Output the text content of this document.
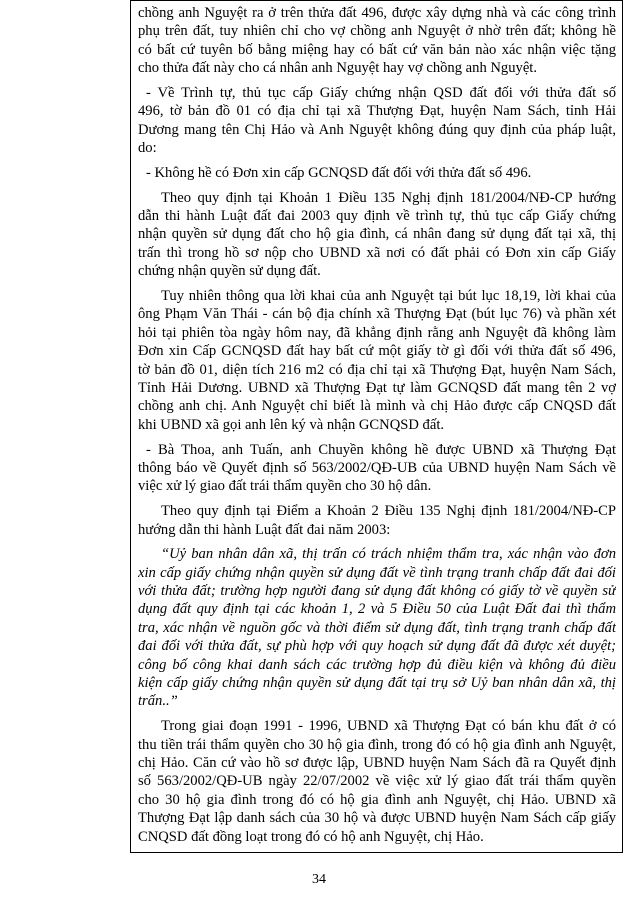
chồng anh Nguyệt ra ở trên thửa đất 496, được xây dựng nhà và các công trình
phụ trên đất, tuy nhiên chỉ cho vợ chồng anh Nguyệt ở nhờ trên đất; không hề
có bất cứ tuyên bố bằng miệng hay có bất cứ văn bản nào xác nhận việc tặng
cho thửa đất này cho cá nhân anh Nguyệt hay vợ chồng anh Nguyệt.
- Về Trình tự, thủ tục cấp Giấy chứng nhận QSD đất đối với thửa đất số
496, tờ bản đồ 01 có địa chỉ tại xã Thượng Đạt, huyện Nam Sách, tỉnh Hải
Dương mang tên Chị Hảo và Anh Nguyệt không đúng quy định của pháp luật,
do:
- Không hề có Đơn xin cấp GCNQSD đất đối với thửa đất số 496.
Theo quy định tại Khoản 1 Điều 135 Nghị định 181/2004/NĐ-CP hướng
dẫn thi hành Luật đất đai 2003 quy định về trình tự, thủ tục cấp Giấy chứng
nhận quyền sử dụng đất cho hộ gia đình, cá nhân đang sử dụng đất tại xã, thị
trấn thì trong hồ sơ nộp cho UBND xã nơi có đất phải có Đơn xin cấp Giấy
chứng nhận quyền sử dụng đất.
Tuy nhiên thông qua lời khai của anh Nguyệt tại bút lục 18,19, lời khai của
ông Phạm Văn Thái - cán bộ địa chính xã Thượng Đạt (bút lục 76) và phần xét
hỏi tại phiên tòa ngày hôm nay, đã khẳng định rằng anh Nguyệt đã không làm
Đơn xin Cấp GCNQSD đất hay bất cứ một giấy tờ gì đối với thửa đất số 496,
tờ bản đồ 01, diện tích 216 m2 có địa chỉ tại xã Thượng Đạt, huyện Nam Sách,
Tỉnh Hải Dương. UBND xã Thượng Đạt tự làm GCNQSD đất mang tên 2 vợ
chồng anh chị. Anh Nguyệt chỉ biết là mình và chị Hảo được cấp CNQSD đất
khi UBND xã gọi anh lên ký và nhận GCNQSD đất.
- Bà Thoa, anh Tuấn, anh Chuyền không hề được UBND xã Thượng Đạt
thông báo về Quyết định số 563/2002/QĐ-UB của UBND huyện Nam Sách về
việc xử lý giao đất trái thẩm quyền cho 30 hộ dân.
Theo quy định tại Điểm a Khoản 2 Điều 135 Nghị định 181/2004/NĐ-CP
hướng dẫn thi hành Luật đất đai năm 2003:
“Uỷ ban nhân dân xã, thị trấn có trách nhiệm thẩm tra, xác nhận vào đơn
xin cấp giấy chứng nhận quyền sử dụng đất về tình trạng tranh chấp đất đai đối
với thửa đất; trường hợp người đang sử dụng đất không có giấy tờ về quyền sử
dụng đất quy định tại các khoản 1, 2 và 5 Điều 50 của Luật Đất đai thì thẩm
tra, xác nhận về nguồn gốc và thời điểm sử dụng đất, tình trạng tranh chấp đất
đai đối với thửa đất, sự phù hợp với quy hoạch sử dụng đất đã được xét duyệt;
công bố công khai danh sách các trường hợp đủ điều kiện và không đủ điều
kiện cấp giấy chứng nhận quyền sử dụng đất tại trụ sở Uỷ ban nhân dân xã, thị
trấn..”
Trong giai đoạn 1991 - 1996, UBND xã Thượng Đạt có bán khu đất ở có
thu tiền trái thẩm quyền cho 30 hộ gia đình, trong đó có hộ gia đình anh Nguyệt,
chị Hảo. Căn cứ vào hồ sơ được lập, UBND huyện Nam Sách đã ra Quyết định
số 563/2002/QĐ-UB ngày 22/07/2002 về việc xử lý giao đất trái thẩm quyền
cho 30 hộ gia đình trong đó có hộ gia đình anh Nguyệt, chị Hảo. UBND xã
Thượng Đạt lập danh sách của 30 hộ và được UBND huyện Nam Sách cấp giấy
CNQSD đất đồng loạt trong đó có hộ anh Nguyệt, chị Hảo.
34
